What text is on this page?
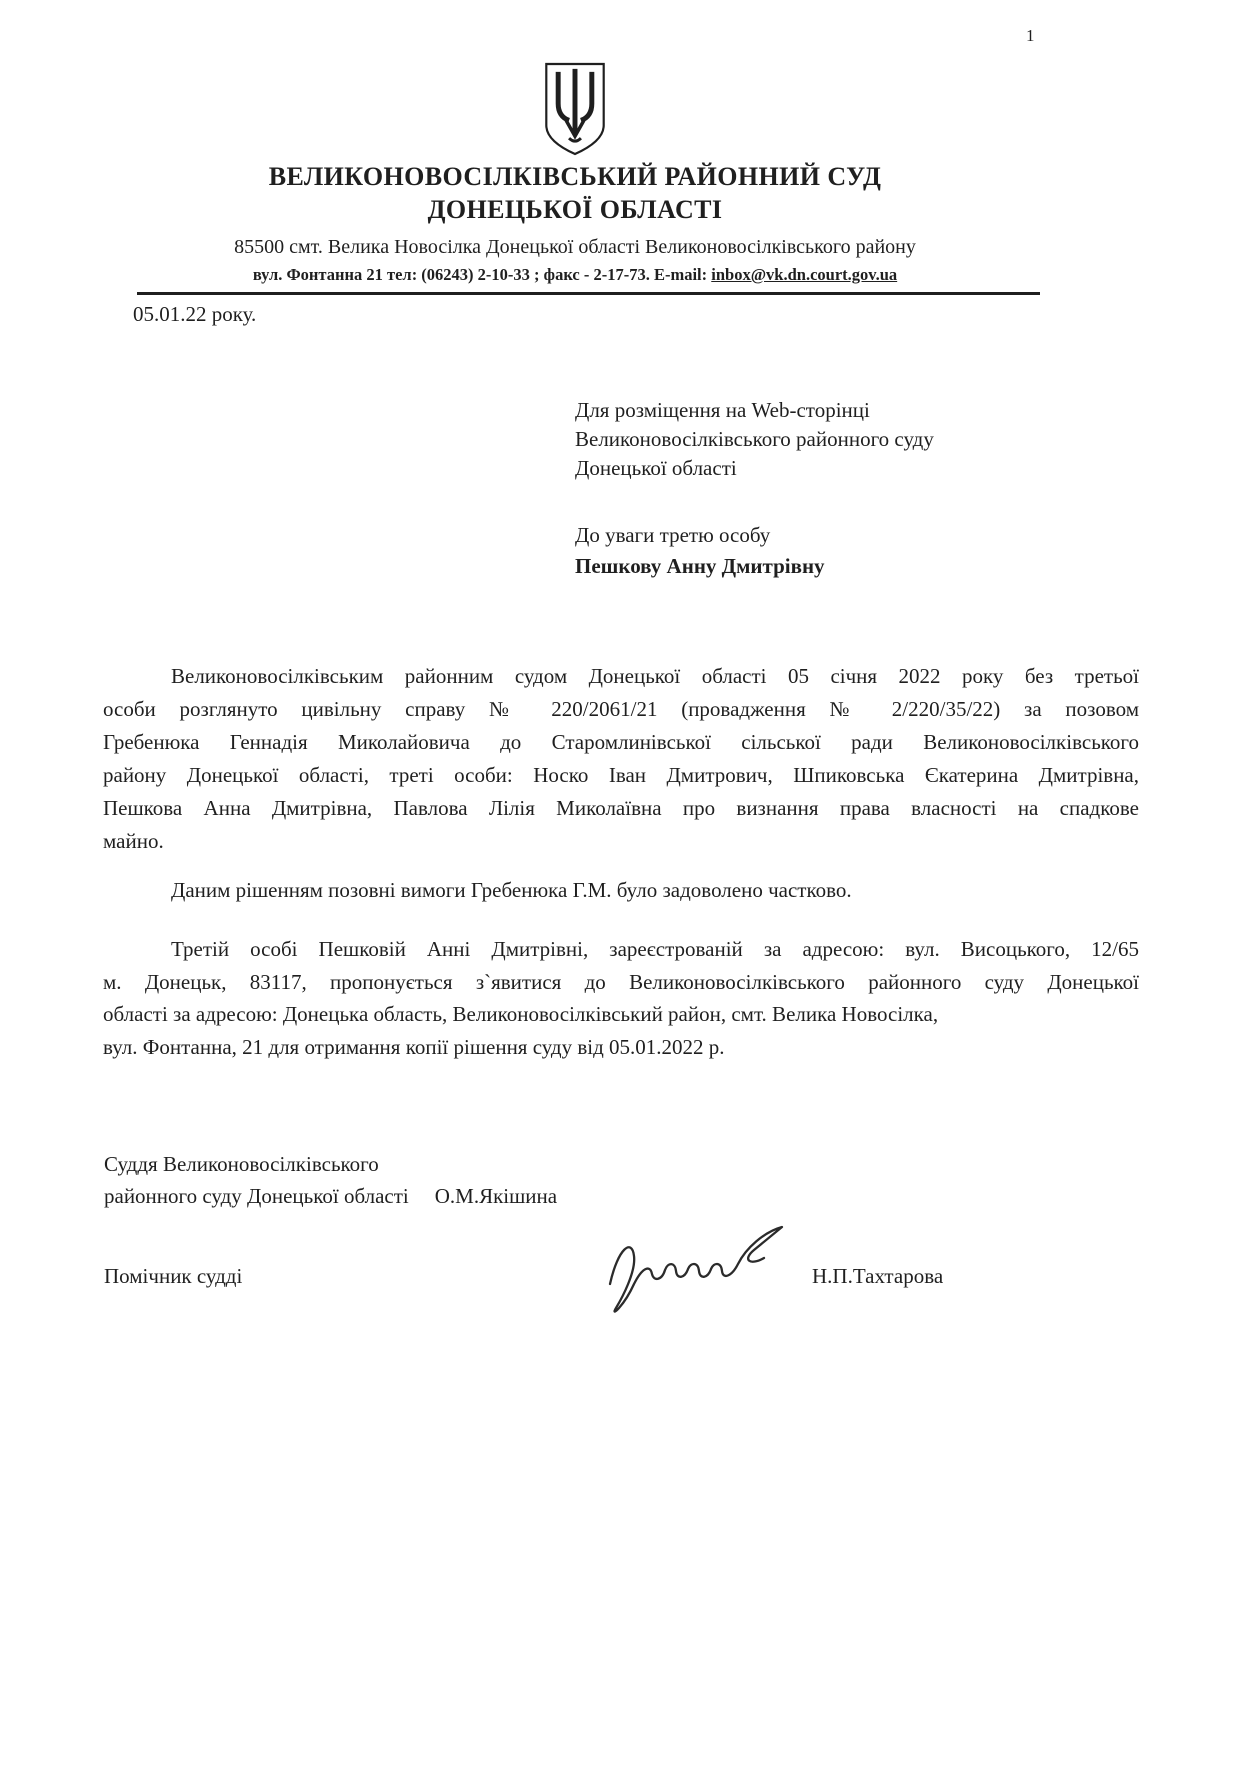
1
ВЕЛИКОНОВОСІЛКІВСЬКИЙ РАЙОННИЙ СУД
ДОНЕЦЬКОЇ ОБЛАСТІ
85500 смт. Велика Новосілка Донецької області Великоновосілківського району
вул. Фонтанна 21 тел: (06243) 2-10-33 ; факс - 2-17-73. E-mail: inbox@vk.dn.court.gov.ua
05.01.22 року.
Для розміщення на Web-сторінці
Великоновосілківського районного суду
Донецької області
До уваги третю особу
Пешкову Анну Дмитрівну
Великоновосілківським районним судом Донецької області 05 січня 2022 року без третьої
особи розглянуто цивільну справу № 220/2061/21 (провадження № 2/220/35/22) за позовом
Гребенюка Геннадія Миколайовича до Старомлинівської сільської ради Великоновосілківського
району Донецької області, треті особи: Носко Іван Дмитрович, Шпиковська Єкатерина Дмитрівна,
Пешкова Анна Дмитрівна, Павлова Лілія Миколаївна про визнання права власності на спадкове
майно.
Даним рішенням позовні вимоги Гребенюка Г.М. було задоволено частково.
Третій особі Пешковій Анні Дмитрівні, зареєстрованій за адресою: вул. Висоцького, 12/65
м. Донецьк, 83117, пропонується з`явитися до Великоновосілківського районного суду Донецької
області за адресою: Донецька область, Великоновосілківський район, смт. Велика Новосілка,
вул. Фонтанна, 21 для отримання копії рішення суду від 05.01.2022 р.
Суддя Великоновосілківського
районного суду Донецької області О.М.Якішина
Помічник судді	Н.П.Тахтарова
